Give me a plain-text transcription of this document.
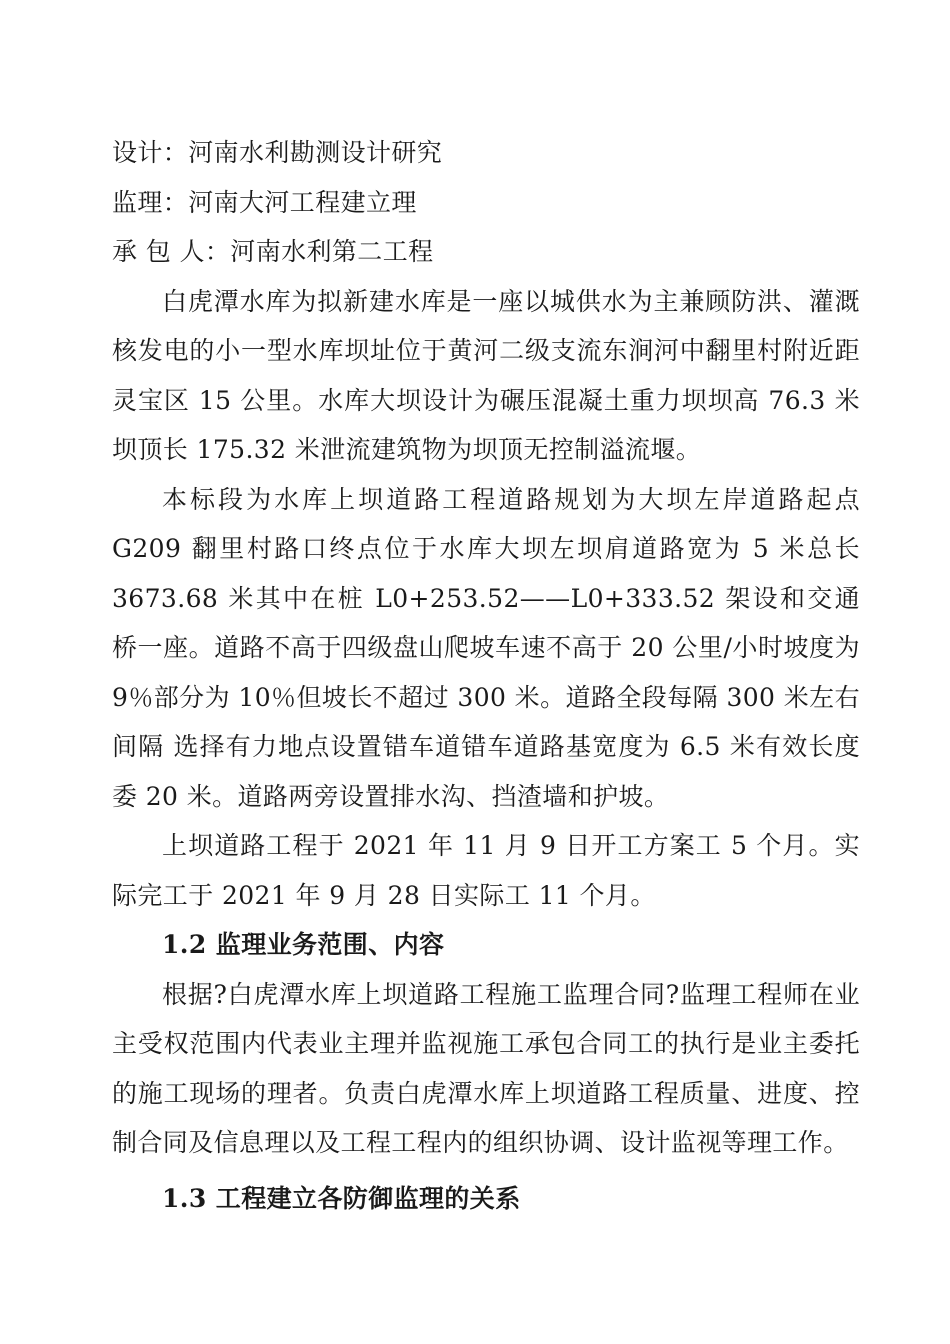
设计：河南水利勘测设计研究
监理：河南大河工程建立理
承 包 人：河南水利第二工程

白虎潭水库为拟新建水库是一座以城供水为主兼顾防洪、灌溉核发电的小一型水库坝址位于黄河二级支流东涧河中翻里村附近距灵宝区 15 公里。水库大坝设计为碾压混凝土重力坝坝高 76.3 米坝顶长 175.32 米泄流建筑物为坝顶无控制溢流堰。

本标段为水库上坝道路工程道路规划为大坝左岸道路起点 G209 翻里村路口终点位于水库大坝左坝肩道路宽为 5 米总长 3673.68 米其中在桩 L0+253.52——L0+333.52 架设和交通桥一座。道路不高于四级盘山爬坡车速不高于 20 公里/小时坡度为 9％部分为 10％但坡长不超过 300 米。道路全段每隔 300 米左右间隔 选择有力地点设置错车道错车道路基宽度为 6.5 米有效长度委 20 米。道路两旁设置排水沟、挡渣墙和护坡。

上坝道路工程于 2021 年 11 月 9 日开工方案工 5 个月。实际完工于 2021 年 9 月 28 日实际工 11 个月。

1.2 监理业务范围、内容

根据?白虎潭水库上坝道路工程施工监理合同?监理工程师在业主受权范围内代表业主理并监视施工承包合同工的执行是业主委托的施工现场的理者。负责白虎潭水库上坝道路工程质量、进度、控制合同及信息理以及工程工程内的组织协调、设计监视等理工作。

1.3 工程建立各防御监理的关系
